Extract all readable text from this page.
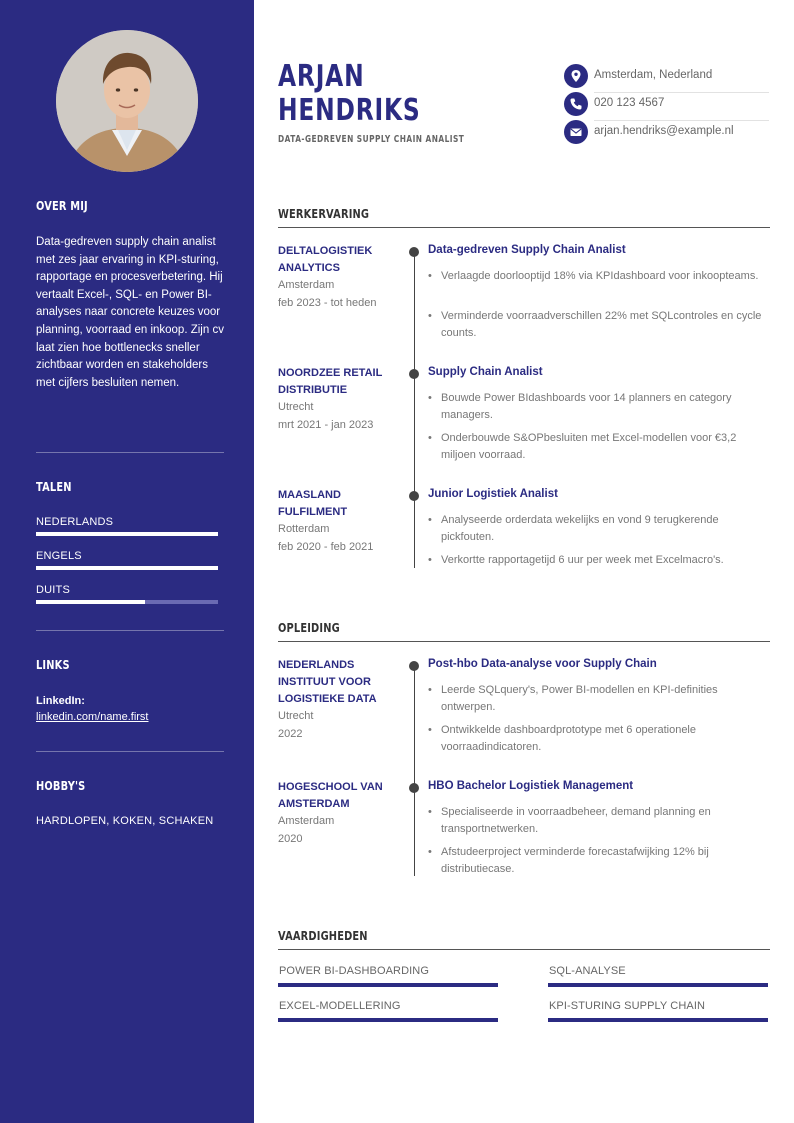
OVER MIJ
Data-gedreven supply chain analist met zes jaar ervaring in KPI-sturing, rapportage en procesverbetering. Hij vertaalt Excel-, SQL- en Power BI-analyses naar concrete keuzes voor planning, voorraad en inkoop. Zijn cv laat zien hoe bottlenecks sneller zichtbaar worden en stakeholders met cijfers besluiten nemen.
TALEN
NEDERLANDS
ENGELS
DUITS
LINKS
LinkedIn:
linkedin.com/name.first
HOBBY'S
HARDLOPEN, KOKEN, SCHAKEN
ARJAN
HENDRIKS
DATA-GEDREVEN SUPPLY CHAIN ANALIST
Amsterdam, Nederland
020 123 4567
arjan.hendriks@example.nl
WERKERVARING
DELTALOGISTIEK ANALYTICS
Amsterdam
feb 2023 - tot heden
Data-gedreven Supply Chain Analist
• Verlaagde doorlooptijd 18% via KPIdashboard voor inkoopteams.
• Verminderde voorraadverschillen 22% met SQLcontroles en cycle counts.
NOORDZEE RETAIL DISTRIBUTIE
Utrecht
mrt 2021 - jan 2023
Supply Chain Analist
• Bouwde Power BIdashboards voor 14 planners en category managers.
• Onderbouwde S&OPbesluiten met Excel-modellen voor €3,2 miljoen voorraad.
MAASLAND FULFILMENT
Rotterdam
feb 2020 - feb 2021
Junior Logistiek Analist
• Analyseerde orderdata wekelijks en vond 9 terugkerende pickfouten.
• Verkortte rapportagetijd 6 uur per week met Excelmacro's.
OPLEIDING
NEDERLANDS INSTITUUT VOOR LOGISTIEKE DATA
Utrecht
2022
Post-hbo Data-analyse voor Supply Chain
• Leerde SQLquery's, Power BI-modellen en KPI-definities ontwerpen.
• Ontwikkelde dashboardprototype met 6 operationele voorraadindicatoren.
HOGESCHOOL VAN AMSTERDAM
Amsterdam
2020
HBO Bachelor Logistiek Management
• Specialiseerde in voorraadbeheer, demand planning en transportnetwerken.
• Afstudeerproject verminderde forecastafwijking 12% bij distributiecase.
VAARDIGHEDEN
POWER BI-DASHBOARDING	SQL-ANALYSE
EXCEL-MODELLERING	KPI-STURING SUPPLY CHAIN
